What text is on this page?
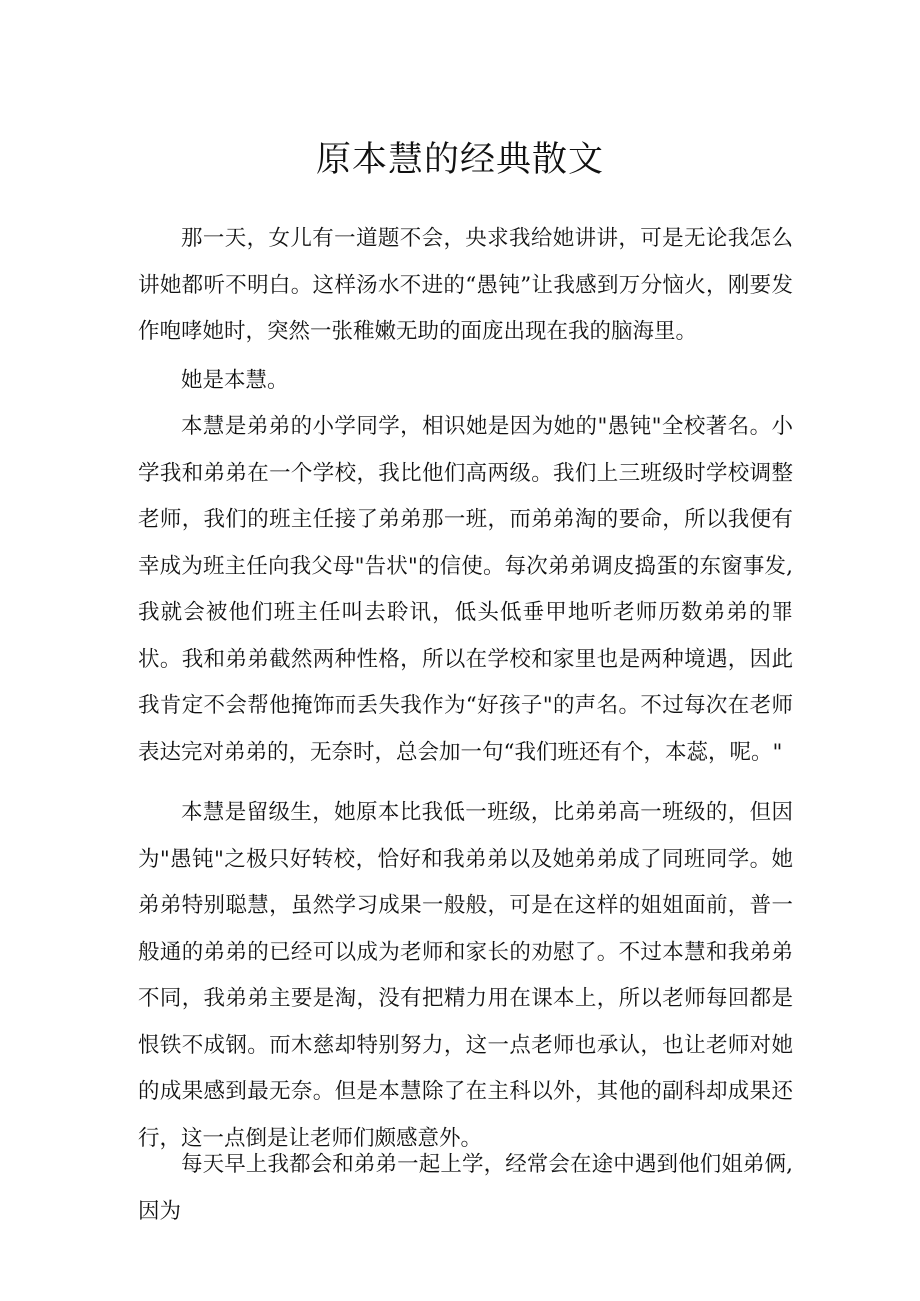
原本慧的经典散文

那一天，女儿有一道题不会，央求我给她讲讲，可是无论我怎么讲她都听不明白。这样汤水不进的“愚钝”让我感到万分恼火，刚要发作咆哮她时，突然一张稚嫩无助的面庞出现在我的脑海里。

她是本慧。

本慧是弟弟的小学同学，相识她是因为她的"愚钝"全校著名。小学我和弟弟在一个学校，我比他们高两级。我们上三班级时学校调整老师，我们的班主任接了弟弟那一班，而弟弟淘的要命，所以我便有幸成为班主任向我父母"告状"的信使。每次弟弟调皮捣蛋的东窗事发,我就会被他们班主任叫去聆讯，低头低垂甲地听老师历数弟弟的罪状。我和弟弟截然两种性格，所以在学校和家里也是两种境遇，因此我肯定不会帮他掩饰而丢失我作为“好孩子"的声名。不过每次在老师表达完对弟弟的，无奈时，总会加一句“我们班还有个，本蕊，呢。"

本慧是留级生，她原本比我低一班级，比弟弟高一班级的，但因为"愚钝"之极只好转校，恰好和我弟弟以及她弟弟成了同班同学。她弟弟特别聪慧，虽然学习成果一般般，可是在这样的姐姐面前，普一般通的弟弟的已经可以成为老师和家长的劝慰了。不过本慧和我弟弟不同，我弟弟主要是淘，没有把精力用在课本上，所以老师每回都是恨铁不成钢。而木慈却特别努力，这一点老师也承认，也让老师对她的成果感到最无奈。但是本慧除了在主科以外，其他的副科却成果还行，这一点倒是让老师们颇感意外。

每天早上我都会和弟弟一起上学，经常会在途中遇到他们姐弟俩,因为
